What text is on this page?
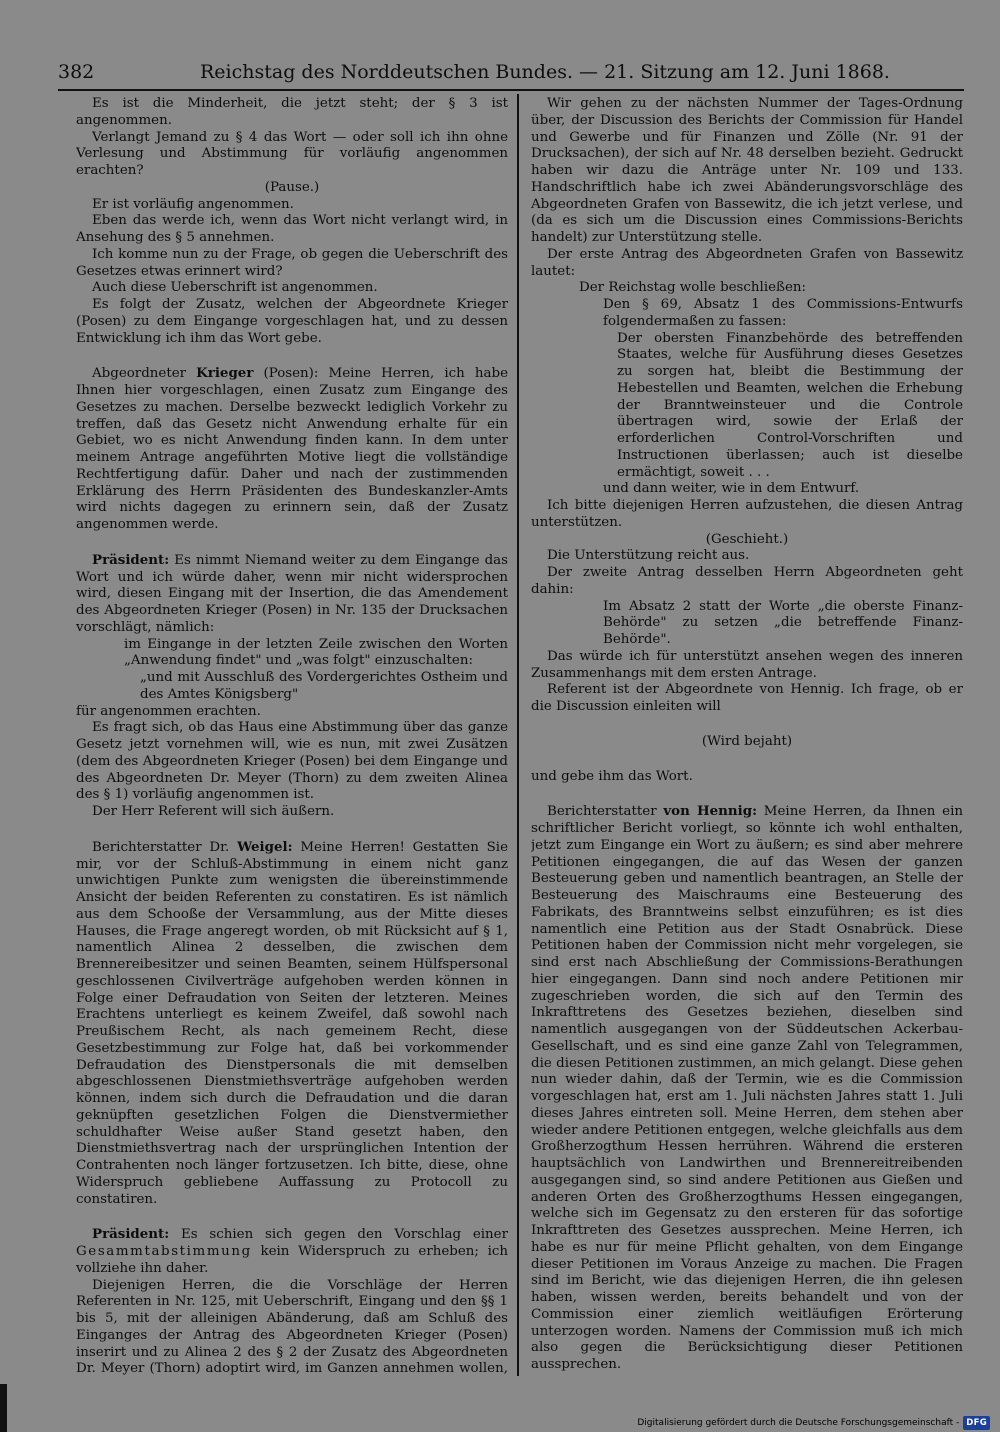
382	Reichstag des Norddeutschen Bundes. — 21. Sitzung am 12. Juni 1868.

Es ist die Minderheit, die jetzt steht; der § 3 ist angenommen.

Verlangt Jemand zu § 4 das Wort — oder soll ich ihn ohne Verlesung und Abstimmung für vorläufig angenommen erachten?

(Pause.)

Er ist vorläufig angenommen.

Eben das werde ich, wenn das Wort nicht verlangt wird, in Ansehung des § 5 annehmen.

Ich komme nun zu der Frage, ob gegen die Ueberschrift des Gesetzes etwas erinnert wird?

Auch diese Ueberschrift ist angenommen.

Es folgt der Zusatz, welchen der Abgeordnete Krieger (Posen) zu dem Eingange vorgeschlagen hat, und zu dessen Entwicklung ich ihm das Wort gebe.

Abgeordneter Krieger (Posen): Meine Herren, ich habe Ihnen hier vorgeschlagen, einen Zusatz zum Eingange des Gesetzes zu machen. Derselbe bezweckt lediglich Vorkehr zu treffen, daß das Gesetz nicht Anwendung erhalte für ein Gebiet, wo es nicht Anwendung finden kann. In dem unter meinem Antrage angeführten Motive liegt die vollständige Rechtfertigung dafür. Daher und nach der zustimmenden Erklärung des Herrn Präsidenten des Bundeskanzler-Amts wird nichts dagegen zu erinnern sein, daß der Zusatz angenommen werde.

Präsident: Es nimmt Niemand weiter zu dem Eingange das Wort und ich würde daher, wenn mir nicht widersprochen wird, diesen Eingang mit der Insertion, die das Amendement des Abgeordneten Krieger (Posen) in Nr. 135 der Drucksachen vorschlägt, nämlich:

im Eingange in der letzten Zeile zwischen den Worten „Anwendung findet" und „was folgt" einzuschalten:

„und mit Ausschluß des Vordergerichtes Ostheim und des Amtes Königsberg"

für angenommen erachten.

Es fragt sich, ob das Haus eine Abstimmung über das ganze Gesetz jetzt vornehmen will, wie es nun, mit zwei Zusätzen (dem des Abgeordneten Krieger (Posen) bei dem Eingange und des Abgeordneten Dr. Meyer (Thorn) zu dem zweiten Alinea des § 1) vorläufig angenommen ist.

Der Herr Referent will sich äußern.

Berichterstatter Dr. Weigel: Meine Herren! Gestatten Sie mir, vor der Schluß-Abstimmung in einem nicht ganz unwichtigen Punkte zum wenigsten die übereinstimmende Ansicht der beiden Referenten zu constatiren. Es ist nämlich aus dem Schooße der Versammlung, aus der Mitte dieses Hauses, die Frage angeregt worden, ob mit Rücksicht auf § 1, namentlich Alinea 2 desselben, die zwischen dem Brennereibesitzer und seinen Beamten, seinem Hülfspersonal geschlossenen Civilverträge aufgehoben werden können in Folge einer Defraudation von Seiten der letzteren. Meines Erachtens unterliegt es keinem Zweifel, daß sowohl nach Preußischem Recht, als nach gemeinem Recht, diese Gesetzbestimmung zur Folge hat, daß bei vorkommender Defraudation des Dienstpersonals die mit demselben abgeschlossenen Dienstmiethsverträge aufgehoben werden können, indem sich durch die Defraudation und die daran geknüpften gesetzlichen Folgen die Dienstvermiether schuldhafter Weise außer Stand gesetzt haben, den Dienstmiethsvertrag nach der ursprünglichen Intention der Contrahenten noch länger fortzusetzen. Ich bitte, diese, ohne Widerspruch gebliebene Auffassung zu Protocoll zu constatiren.

Präsident: Es schien sich gegen den Vorschlag einer Gesammtabstimmung kein Widerspruch zu erheben; ich vollziehe ihn daher.

Diejenigen Herren, die die Vorschläge der Herren Referenten in Nr. 125, mit Ueberschrift, Eingang und den §§ 1 bis 5, mit der alleinigen Abänderung, daß am Schluß des Einganges der Antrag des Abgeordneten Krieger (Posen) inserirt und zu Alinea 2 des § 2 der Zusatz des Abgeordneten Dr. Meyer (Thorn) adoptirt wird, im Ganzen annehmen wollen,

Wir gehen zu der nächsten Nummer der Tages-Ordnung über, der Discussion des Berichts der Commission für Handel und Gewerbe und für Finanzen und Zölle (Nr. 91 der Drucksachen), der sich auf Nr. 48 derselben bezieht. Gedruckt haben wir dazu die Anträge unter Nr. 109 und 133. Handschriftlich habe ich zwei Abänderungsvorschläge des Abgeordneten Grafen von Bassewitz, die ich jetzt verlese, und (da es sich um die Discussion eines Commissions-Berichts handelt) zur Unterstützung stelle.

Der erste Antrag des Abgeordneten Grafen von Bassewitz lautet:

Der Reichstag wolle beschließen:

Den § 69, Absatz 1 des Commissions-Entwurfs folgendermaßen zu fassen:

Der obersten Finanzbehörde des betreffenden Staates, welche für Ausführung dieses Gesetzes zu sorgen hat, bleibt die Bestimmung der Hebestellen und Beamten, welchen die Erhebung der Branntweinsteuer und die Controle übertragen wird, sowie der Erlaß der erforderlichen Control-Vorschriften und Instructionen überlassen; auch ist dieselbe ermächtigt, soweit . . .

und dann weiter, wie in dem Entwurf.

Ich bitte diejenigen Herren aufzustehen, die diesen Antrag unterstützen.

(Geschieht.)

Die Unterstützung reicht aus.

Der zweite Antrag desselben Herrn Abgeordneten geht dahin:

Im Absatz 2 statt der Worte „die oberste Finanz-Behörde" zu setzen „die betreffende Finanz-Behörde".

Das würde ich für unterstützt ansehen wegen des inneren Zusammenhangs mit dem ersten Antrage.

Referent ist der Abgeordnete von Hennig. Ich frage, ob er die Discussion einleiten will

(Wird bejaht)

und gebe ihm das Wort.

Berichterstatter von Hennig: Meine Herren, da Ihnen ein schriftlicher Bericht vorliegt, so könnte ich wohl enthalten, jetzt zum Eingange ein Wort zu äußern; es sind aber mehrere Petitionen eingegangen, die auf das Wesen der ganzen Besteuerung geben und namentlich beantragen, an Stelle der Besteuerung des Maischraums eine Besteuerung des Fabrikats, des Branntweins selbst einzuführen; es ist dies namentlich eine Petition aus der Stadt Osnabrück. Diese Petitionen haben der Commission nicht mehr vorgelegen, sie sind erst nach Abschließung der Commissions-Berathungen hier eingegangen. Dann sind noch andere Petitionen mir zugeschrieben worden, die sich auf den Termin des Inkrafttretens des Gesetzes beziehen, dieselben sind namentlich ausgegangen von der Süddeutschen Ackerbau-Gesellschaft, und es sind eine ganze Zahl von Telegrammen, die diesen Petitionen zustimmen, an mich gelangt. Diese gehen nun wieder dahin, daß der Termin, wie es die Commission vorgeschlagen hat, erst am 1. Juli nächsten Jahres statt 1. Juli dieses Jahres eintreten soll. Meine Herren, dem stehen aber wieder andere Petitionen entgegen, welche gleichfalls aus dem Großherzogthum Hessen herrühren. Während die ersteren hauptsächlich von Landwirthen und Brennereitreibenden ausgegangen sind, so sind andere Petitionen aus Gießen und anderen Orten des Großherzogthums Hessen eingegangen, welche sich im Gegensatz zu den ersteren für das sofortige Inkrafttreten des Gesetzes aussprechen. Meine Herren, ich habe es nur für meine Pflicht gehalten, von dem Eingange dieser Petitionen im Voraus Anzeige zu machen. Die Fragen sind im Bericht, wie das diejenigen Herren, die ihn gelesen haben, wissen werden, bereits behandelt und von der Commission einer ziemlich weitläufigen Erörterung unterzogen worden. Namens der Commission muß ich mich also gegen die Berücksichtigung dieser Petitionen aussprechen.

Digitalisierung gefördert durch die Deutsche Forschungsgemeinschaft - DFG
